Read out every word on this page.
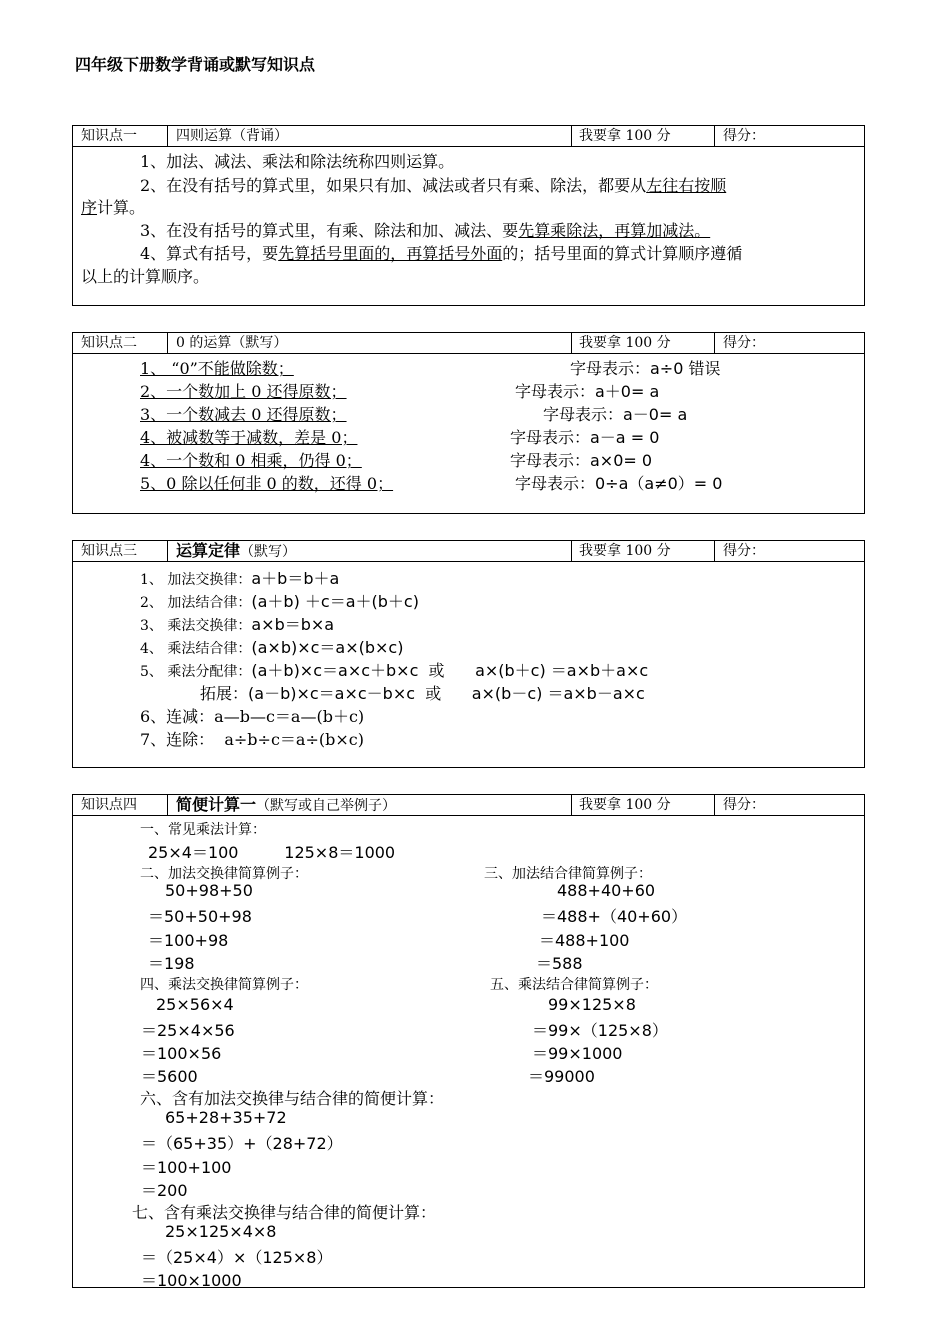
四年级下册数学背诵或默写知识点
知识点一	四则运算（背诵）	我要拿 100 分	得分：
1、加法、减法、乘法和除法统称四则运算。
2、在没有括号的算式里，如果只有加、减法或者只有乘、除法，都要从左往右按顺
序计算。
3、在没有括号的算式里，有乘、除法和加、减法、要先算乘除法，再算加减法。
4、算式有括号，要先算括号里面的，再算括号外面的；括号里面的算式计算顺序遵循
以上的计算顺序。
知识点二	0 的运算（默写）	我要拿 100 分	得分：
1、 “0”不能做除数；	字母表示：a÷0 错误
2、一个数加上 0 还得原数；	字母表示：a＋0= a
3、一个数减去 0 还得原数；	字母表示：a－0= a
4、被减数等于减数，差是 0；	字母表示：a－a = 0
4、一个数和 0 相乘，仍得 0；	字母表示：a×0= 0
5、0 除以任何非 0 的数，还得 0；	字母表示：0÷a（a≠0）= 0
知识点三 运算定律（默写）	我要拿 100 分	得分：
1、 加法交换律：a＋b＝b＋a
2、 加法结合律：(a＋b) ＋c＝a＋(b＋c)
3、 乘法交换律：a×b＝b×a
4、 乘法结合律：(a×b)×c＝a×(b×c)
5、 乘法分配律：(a＋b)×c＝a×c＋b×c  或      a×(b＋c) ＝a×b＋a×c
拓展：(a－b)×c＝a×c－b×c  或      a×(b－c) ＝a×b－a×c
6、连减：a—b—c＝a—(b＋c)
7、连除：  a÷b÷c＝a÷(b×c)
知识点四 简便计算一（默写或自己举例子）	我要拿 100 分	得分：
一、常见乘法计算：
25×4＝100         125×8＝1000
二、加法交换律简算例子：
50+98+50
＝50+50+98
＝100+98
＝198
三、加法结合律简算例子：
488+40+60
＝488+（40+60）
＝488+100
＝588
四、乘法交换律简算例子：
25×56×4
＝25×4×56
＝100×56
＝5600
五、乘法结合律简算例子：
99×125×8
＝99×（125×8）
＝99×1000
＝99000
六、含有加法交换律与结合律的简便计算：
65+28+35+72
＝（65+35）+（28+72）
＝100+100
＝200
七、含有乘法交换律与结合律的简便计算：
25×125×4×8
＝（25×4）×（125×8）
＝100×1000
